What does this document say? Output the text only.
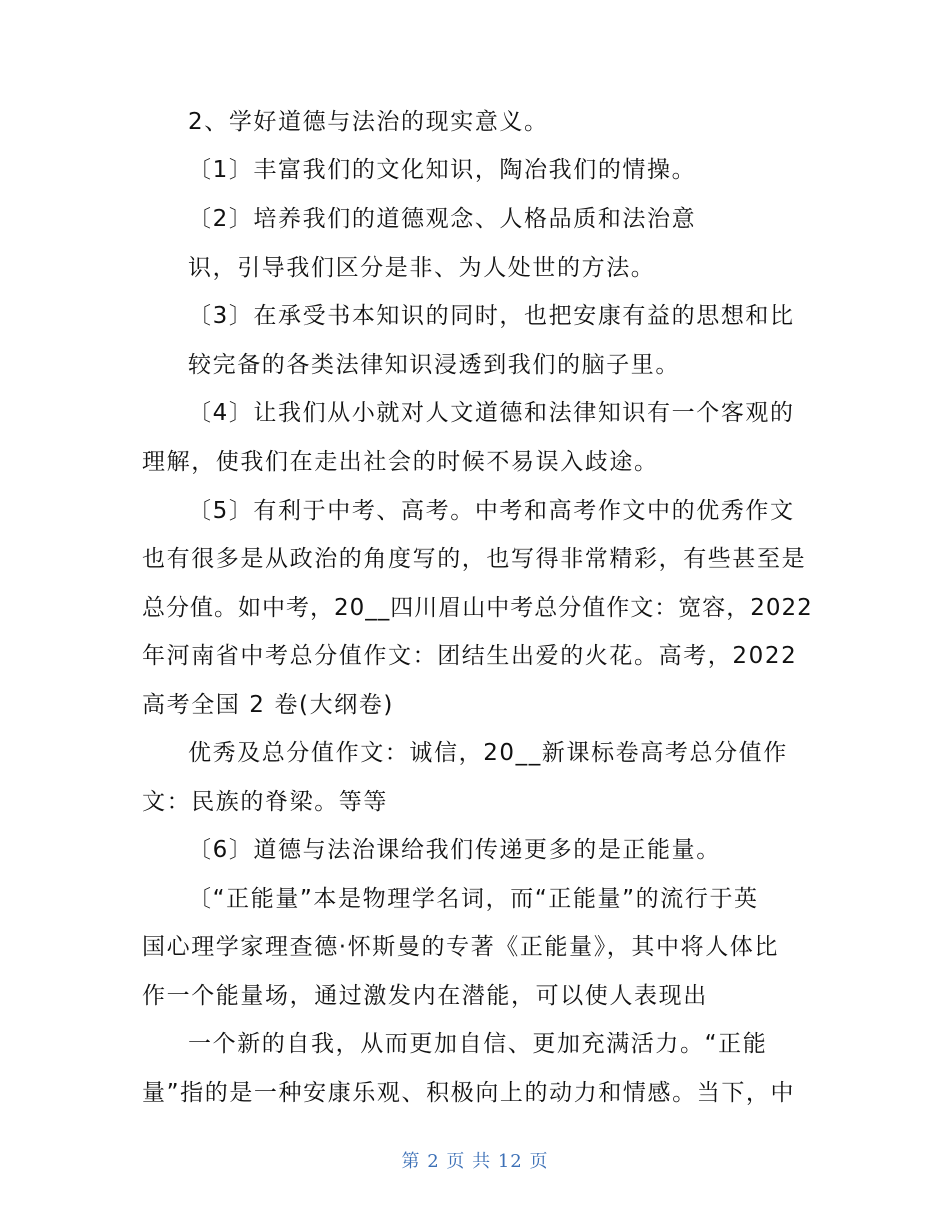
2、学好道德与法治的现实意义。
〔1〕丰富我们的文化知识，陶冶我们的情操。
〔2〕培养我们的道德观念、人格品质和法治意
识，引导我们区分是非、为人处世的方法。
〔3〕在承受书本知识的同时，也把安康有益的思想和比
较完备的各类法律知识浸透到我们的脑子里。
〔4〕让我们从小就对人文道德和法律知识有一个客观的
理解，使我们在走出社会的时候不易误入歧途。
〔5〕有利于中考、高考。中考和高考作文中的优秀作文
也有很多是从政治的角度写的，也写得非常精彩，有些甚至是
总分值。如中考，20__四川眉山中考总分值作文：宽容，2022
年河南省中考总分值作文：团结生出爱的火花。高考，2022
高考全国 2 卷(大纲卷)
优秀及总分值作文：诚信，20__新课标卷高考总分值作
文：民族的脊梁。等等
〔6〕道德与法治课给我们传递更多的是正能量。
〔“正能量”本是物理学名词，而“正能量”的流行于英
国心理学家理查德·怀斯曼的专著《正能量》，其中将人体比
作一个能量场，通过激发内在潜能，可以使人表现出
一个新的自我，从而更加自信、更加充满活力。“正能
量”指的是一种安康乐观、积极向上的动力和情感。当下，中
第 2 页 共 12 页
